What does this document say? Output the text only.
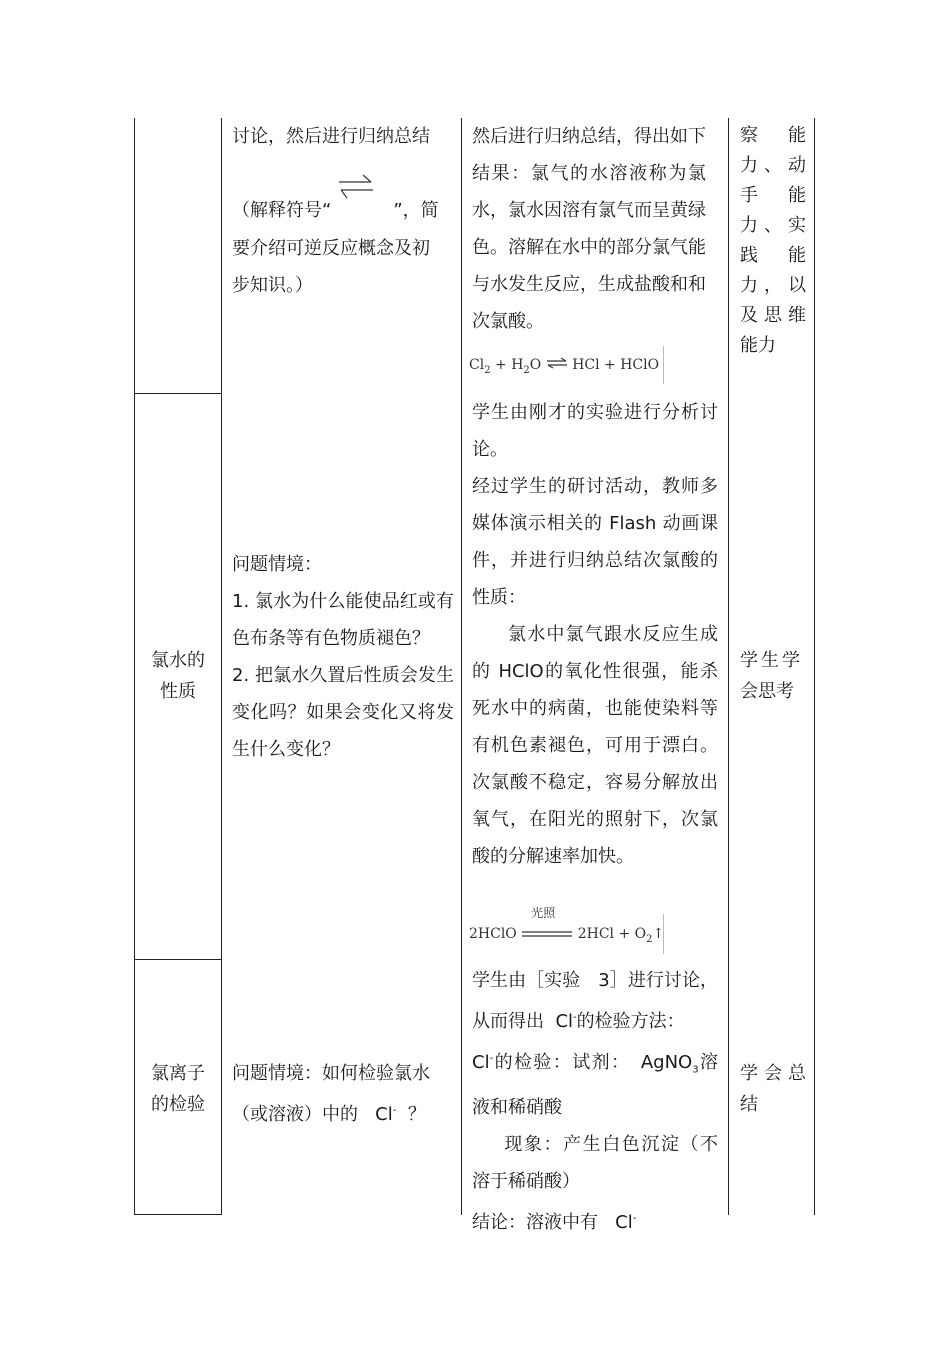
讨论，然后进行归纳总结

（解释符号“⇌”，简

要介绍可逆反应概念及初

步知识。）

然后进行归纳总结，得出如下结果：氯气的水溶液称为氯水，氯水因溶有氯气而呈黄绿色。溶解在水中的部分氯气能与水发生反应，生成盐酸和和次氯酸。

$Cl_2 + H_2O$ ⇌ HCl + HClO

察能力、动手能力、实践能力，以及思维能力

氯水的

性质

问题情境：

1. 氯水为什么能使品红或有色布条等有色物质褪色？

2. 把氯水久置后性质会发生变化吗？如果会变化又将发生什么变化？

学生由刚才的实验进行分析讨论。

经过学生的研讨活动，教师多媒体演示相关的 Flash 动画课件，并进行归纳总结次氯酸的性质：

氯水中氯气跟水反应生成的 HClO的氧化性很强，能杀死水中的病菌，也能使染料等有机色素褪色，可用于漂白。次氯酸不稳定，容易分解放出氧气，在阳光的照射下，次氯酸的分解速率加快。

2HClO
光照
$2HCl + O_2↑$

学生学

会思考

氯离子

的检验

问题情境：如何检验氯水

（或溶液）中的 Cl- ？

学生由［实验　3］进行讨论，从而得出 Cl-的检验方法：

Cl-的检验：试剂：　AgNO$_3$溶液和稀硝酸

现象：产生白色沉淀（不溶于稀硝酸）

结论：溶液中有 Cl-

学会总结
